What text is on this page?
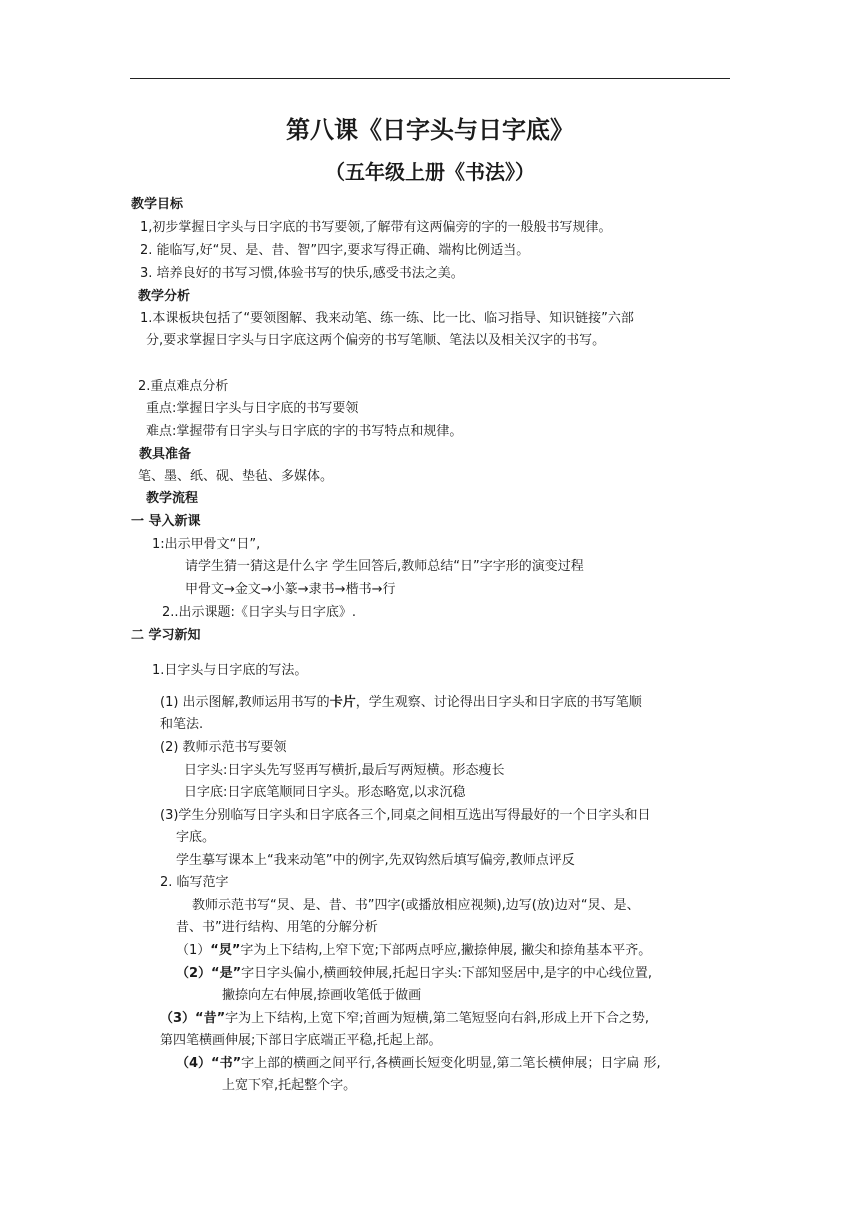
第八课《日字头与日字底》
（五年级上册《书法》）
教学目标
1,初步掌握日字头与日字底的书写要领,了解带有这两偏旁的字的一般般书写规律。
2. 能临写,好“炅、是、昔、智”四字,要求写得正确、端构比例适当。
3. 培养良好的书写习惯,体验书写的快乐,感受书法之美。
教学分析
1.本课板块包括了“要领图解、我来动笔、练一练、比一比、临习指导、知识链接”六部
分,要求掌握日字头与日字底这两个偏旁的书写笔顺、笔法以及相关汉字的书写。
2.重点难点分析
重点:掌握日字头与日字底的书写要领
难点:掌握带有日字头与日字底的字的书写特点和规律。
教具准备
笔、墨、纸、砚、垫毡、多媒体。
教学流程
一 导入新课
1:出示甲骨文“日”,
请学生猜一猜这是什么字 学生回答后,教师总结“日”字字形的演变过程
甲骨文→金文→小篆→隶书→楷书→行
2..出示课题:《日字头与日字底》.
二 学习新知
1.日字头与日字底的写法。
(1) 出示图解,教师运用书写的卡片，学生观察、讨论得出日字头和日字底的书写笔顺
和笔法.
(2) 教师示范书写要领
日字头:日字头先写竖再写横折,最后写两短横。形态瘦长
日字底:日字底笔顺同日字头。形态略宽,以求沉稳
(3)学生分别临写日字头和日字底各三个,同桌之间相互选出写得最好的一个日字头和日
字底。
学生摹写课本上“我来动笔”中的例字,先双钩然后填写偏旁,教师点评反
2. 临写范字
教师示范书写“炅、是、昔、书”四字(或播放相应视频),边写(放)边对“炅、是、
昔、书”进行结构、用笔的分解分析
（1）“炅”字为上下结构,上窄下宽;下部两点呼应,撇捺伸展, 撇尖和捺角基本平齐。
（2）“是”字日字头偏小,横画较伸展,托起日字头:下部知竖居中,是字的中心线位置,
撇捺向左右伸展,捺画收笔低于做画
（3）“昔”字为上下结构,上宽下窄;首画为短横,第二笔短竖向右斜,形成上开下合之势,
第四笔横画伸展;下部日字底端正平稳,托起上部。
（4）“书”字上部的横画之间平行,各横画长短变化明显,第二笔长横伸展；日字扁 形,
上宽下窄,托起整个字。
